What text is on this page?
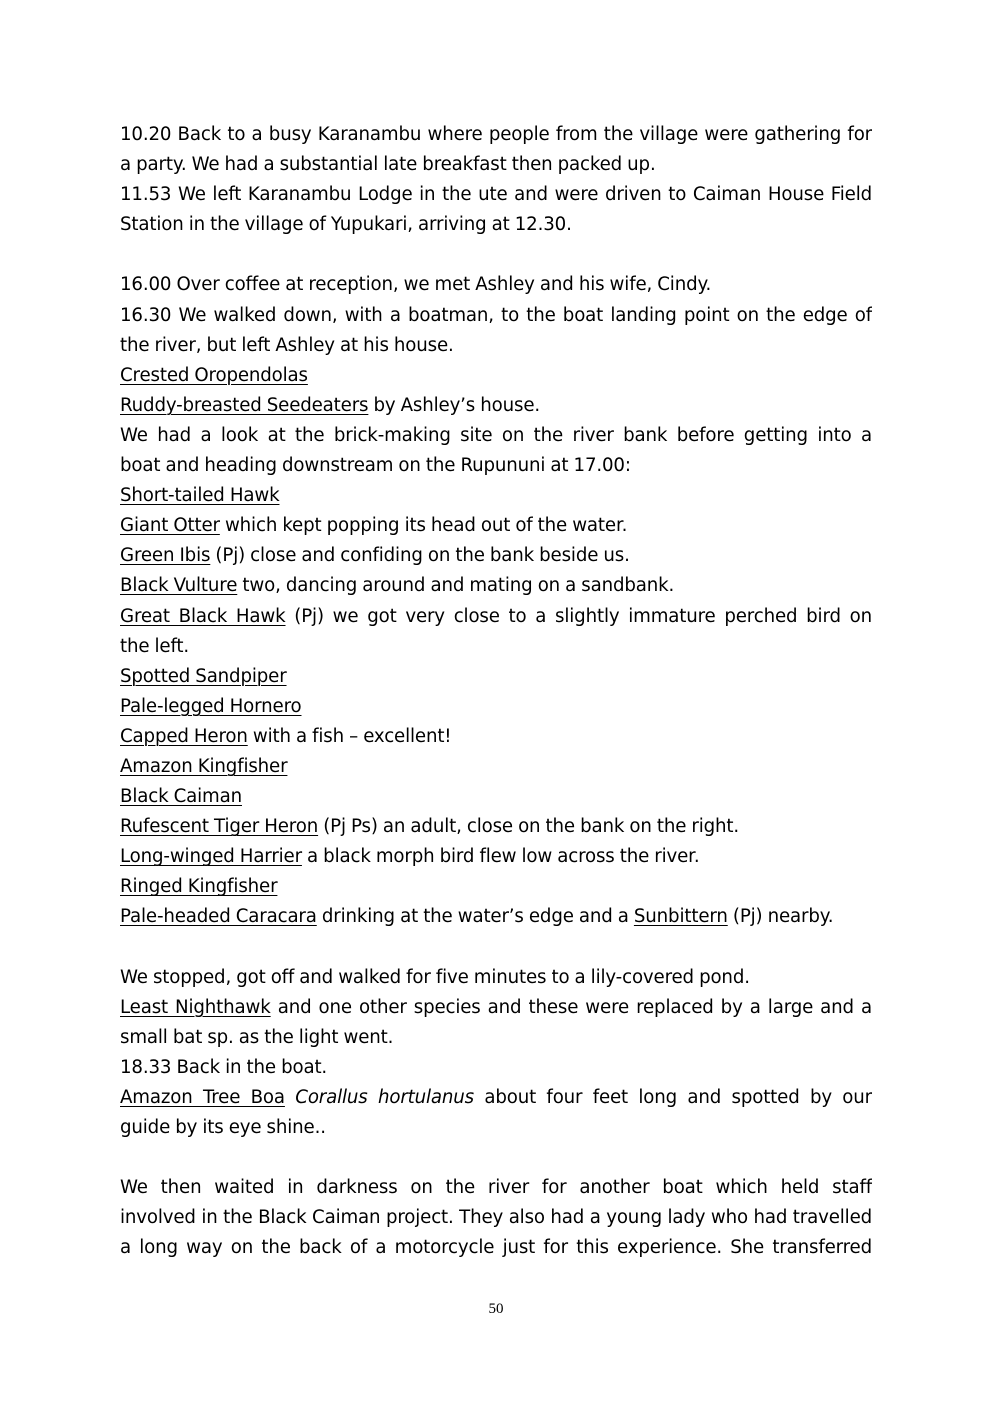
10.20 Back to a busy Karanambu where people from the village were gathering for
a party. We had a substantial late breakfast then packed up.
11.53 We left Karanambu Lodge in the ute and were driven to Caiman House Field
Station in the village of Yupukari, arriving at 12.30.
16.00 Over coffee at reception, we met Ashley and his wife, Cindy.
16.30 We walked down, with a boatman, to the boat landing point on the edge of
the river, but left Ashley at his house.
Crested Oropendolas
Ruddy-breasted Seedeaters by Ashley’s house.
We had a look at the brick-making site on the river bank before getting into a
boat and heading downstream on the Rupununi at 17.00:
Short-tailed Hawk
Giant Otter which kept popping its head out of the water.
Green Ibis (Pj) close and confiding on the bank beside us.
Black Vulture two, dancing around and mating on a sandbank.
Great Black Hawk (Pj) we got very close to a slightly immature perched bird on
the left.
Spotted Sandpiper
Pale-legged Hornero
Capped Heron with a fish – excellent!
Amazon Kingfisher
Black Caiman
Rufescent Tiger Heron (Pj Ps) an adult, close on the bank on the right.
Long-winged Harrier a black morph bird flew low across the river.
Ringed Kingfisher
Pale-headed Caracara drinking at the water’s edge and a Sunbittern (Pj) nearby.
We stopped, got off and walked for five minutes to a lily-covered pond.
Least Nighthawk and one other species and these were replaced by a large and a
small bat sp. as the light went.
18.33 Back in the boat.
Amazon Tree Boa Corallus hortulanus about four feet long and spotted by our
guide by its eye shine..
We then waited in darkness on the river for another boat which held staff
involved in the Black Caiman project. They also had a young lady who had travelled
a long way on the back of a motorcycle just for this experience. She transferred
50
